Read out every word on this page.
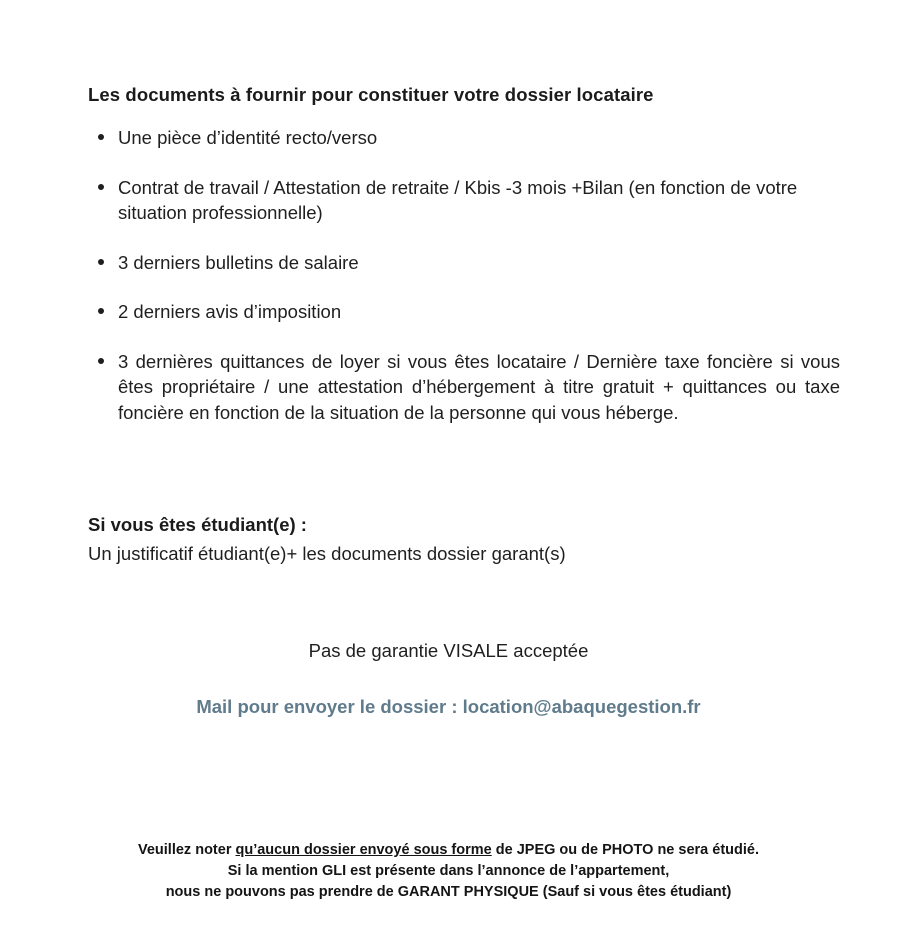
Les documents à fournir pour constituer votre dossier locataire
Une pièce d’identité recto/verso
Contrat de travail / Attestation de retraite / Kbis -3 mois +Bilan (en fonction de votre situation professionnelle)
3 derniers bulletins de salaire
2 derniers avis d’imposition
3 dernières quittances de loyer si vous êtes locataire / Dernière taxe foncière si vous êtes propriétaire / une attestation d’hébergement à titre gratuit + quittances ou taxe foncière en fonction de la situation de la personne qui vous héberge.
Si vous êtes étudiant(e) :
Un justificatif étudiant(e)+ les documents dossier garant(s)
Pas de garantie VISALE acceptée
Mail pour envoyer le dossier : location@abaquegestion.fr
Veuillez noter qu’aucun dossier envoyé sous forme de JPEG ou de PHOTO ne sera étudié.
Si la mention GLI est présente dans l’annonce de l’appartement,
nous ne pouvons pas prendre de GARANT PHYSIQUE (Sauf si vous êtes étudiant)
